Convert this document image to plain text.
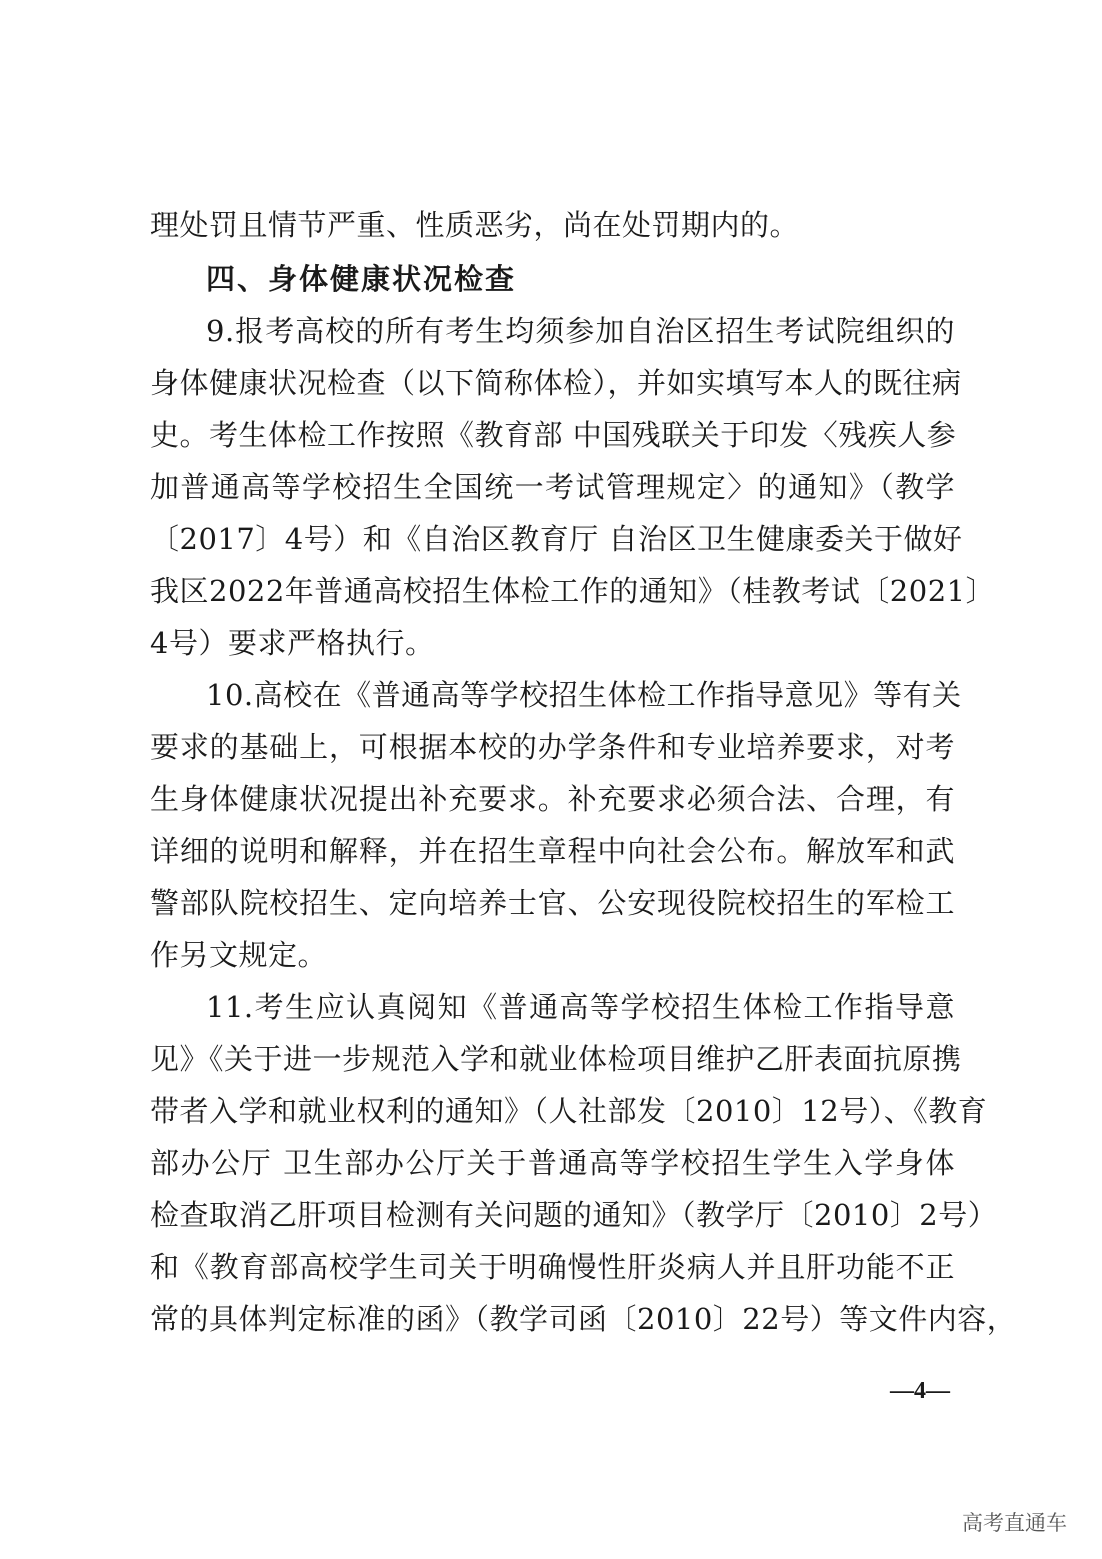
理处罚且情节严重、性质恶劣，尚在处罚期内的。
四、身体健康状况检查
9.报考高校的所有考生均须参加自治区招生考试院组织的
身体健康状况检查（以下简称体检），并如实填写本人的既往病
史。考生体检工作按照《教育部 中国残联关于印发〈残疾人参
加普通高等学校招生全国统一考试管理规定〉的通知》（教学
〔2017〕4号）和《自治区教育厅 自治区卫生健康委关于做好
我区2022年普通高校招生体检工作的通知》（桂教考试〔2021〕
4号）要求严格执行。
10.高校在《普通高等学校招生体检工作指导意见》等有关
要求的基础上，可根据本校的办学条件和专业培养要求，对考
生身体健康状况提出补充要求。补充要求必须合法、合理，有
详细的说明和解释，并在招生章程中向社会公布。解放军和武
警部队院校招生、定向培养士官、公安现役院校招生的军检工
作另文规定。
11.考生应认真阅知《普通高等学校招生体检工作指导意
见》《关于进一步规范入学和就业体检项目维护乙肝表面抗原携
带者入学和就业权利的通知》（人社部发〔2010〕12号）、《教育
部办公厅 卫生部办公厅关于普通高等学校招生学生入学身体
检查取消乙肝项目检测有关问题的通知》（教学厅〔2010〕2号）
和《教育部高校学生司关于明确慢性肝炎病人并且肝功能不正
常的具体判定标准的函》（教学司函〔2010〕22号）等文件内容，
—4—
高考直通车
